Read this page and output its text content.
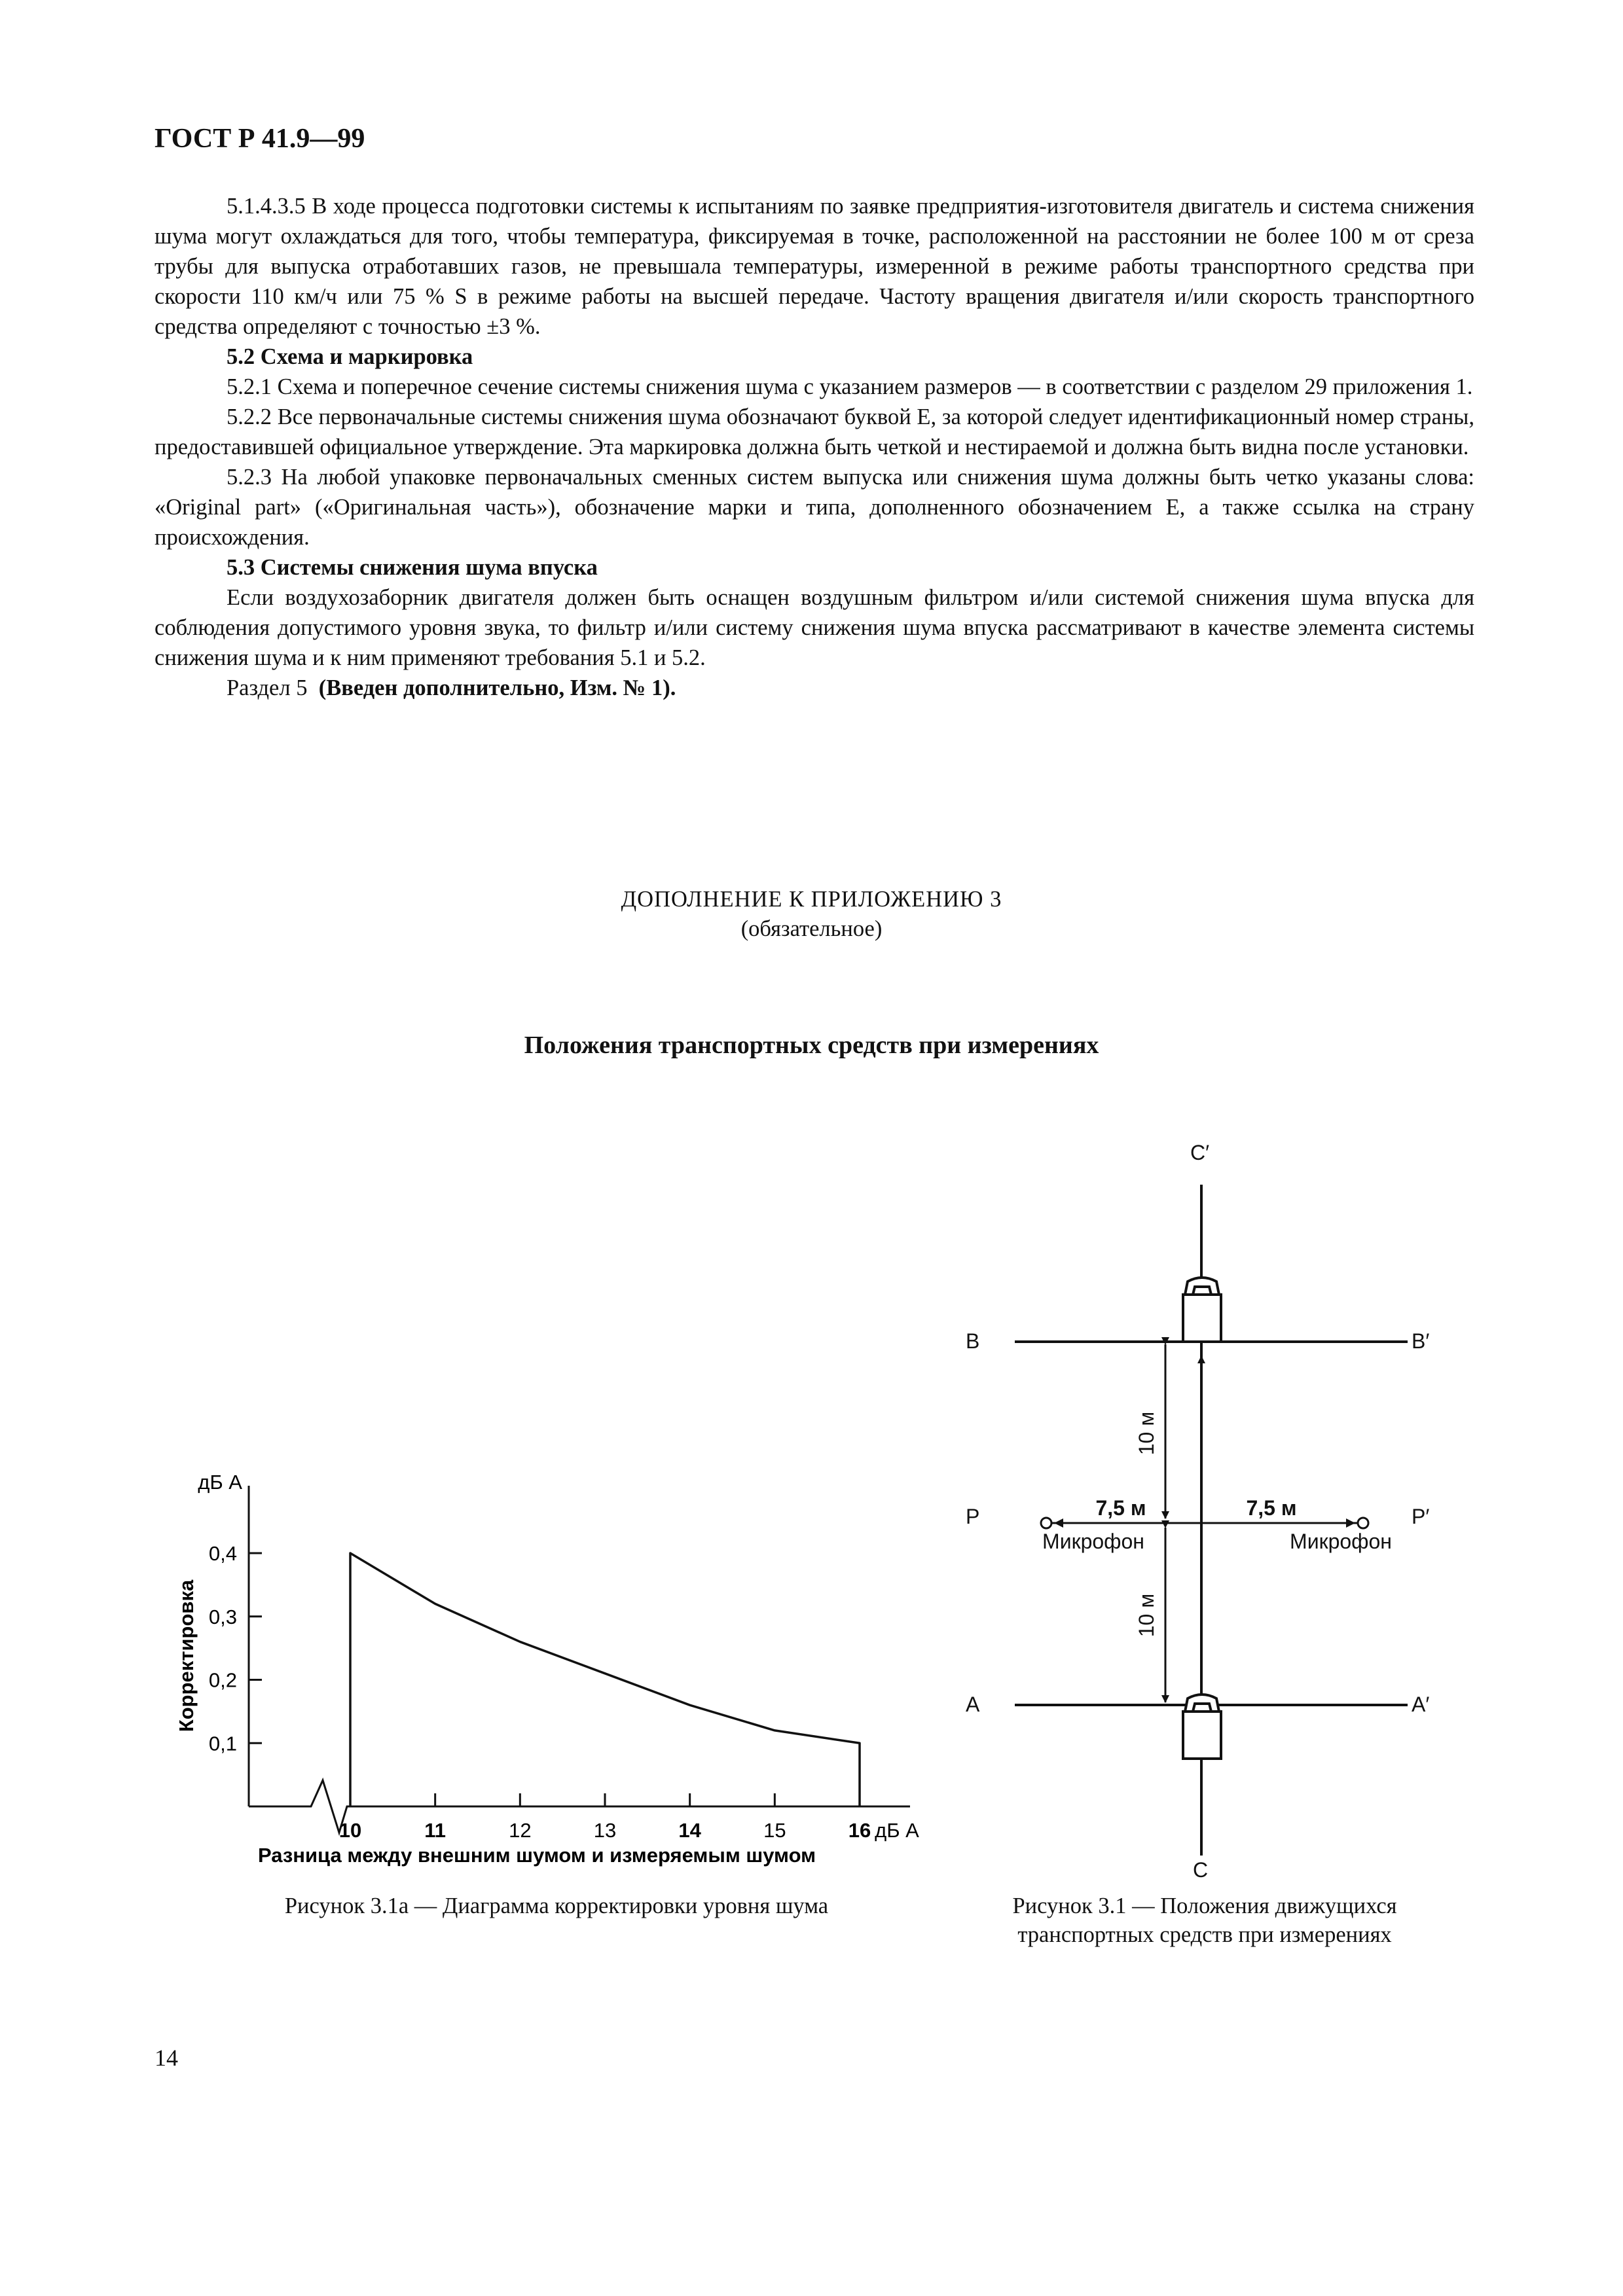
ГОСТ Р 41.9—99

5.1.4.3.5 В ходе процесса подготовки системы к испытаниям по заявке предприятия-изготовителя двигатель и система снижения шума могут охлаждаться для того, чтобы температура, фиксируемая в точке, расположенной на расстоянии не более 100 м от среза трубы для выпуска отработавших газов, не превышала температуры, измеренной в режиме работы транспортного средства при скорости 110 км/ч или 75 % S в режиме работы на высшей передаче. Частоту вращения двигателя и/или скорость транспортного средства определяют с точностью ±3 %.

5.2 Схема и маркировка

5.2.1 Схема и поперечное сечение системы снижения шума с указанием размеров — в соответствии с разделом 29 приложения 1.

5.2.2 Все первоначальные системы снижения шума обозначают буквой Е, за которой следует идентификационный номер страны, предоставившей официальное утверждение. Эта маркировка должна быть четкой и нестираемой и должна быть видна после установки.

5.2.3 На любой упаковке первоначальных сменных систем выпуска или снижения шума должны быть четко указаны слова: «Original part» («Оригинальная часть»), обозначение марки и типа, дополненного обозначением Е, а также ссылка на страну происхождения.

5.3 Системы снижения шума впуска

Если воздухозаборник двигателя должен быть оснащен воздушным фильтром и/или системой снижения шума впуска для соблюдения допустимого уровня звука, то фильтр и/или систему снижения шума впуска рассматривают в качестве элемента системы снижения шума и к ним применяют требования 5.1 и 5.2.

Раздел 5 (Введен дополнительно, Изм. № 1).

ДОПОЛНЕНИЕ К ПРИЛОЖЕНИЮ 3
(обязательное)
Положения транспортных средств при измерениях
10	11	12	13	14	15	16
0,1
0,2
0,3
0,4
дБ A
Корректировка
дБ A
Разница между внешним шумом и измеряемым шумом
C′
C
B	B′
A	A′
P	P′
10 м
10 м
7,5 м	7,5 м
Микрофон	Микрофон
Рисунок 3.1а — Диаграмма корректировки уровня шума	Рисунок 3.1 — Положения движущихся
транспортных средств при измерениях
14
